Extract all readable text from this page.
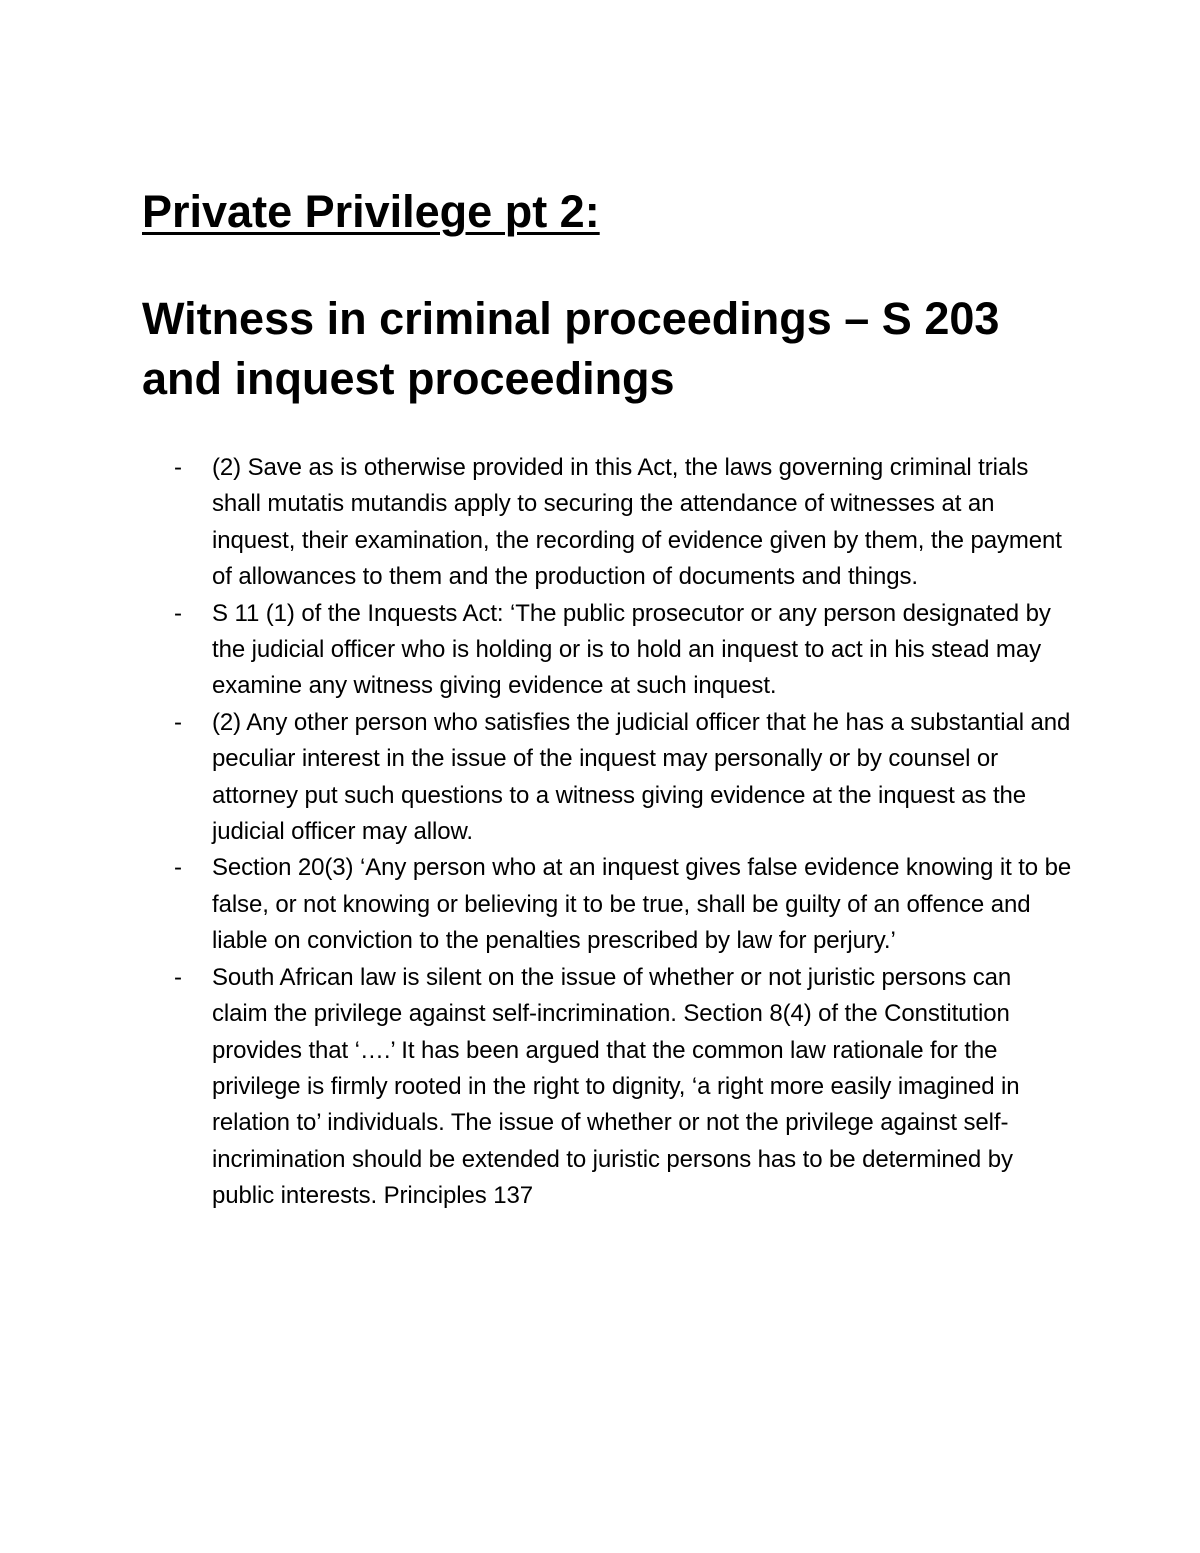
Private Privilege pt 2:
Witness in criminal proceedings – S 203 and inquest proceedings
- (2) Save as is otherwise provided in this Act, the laws governing criminal trials shall mutatis mutandis apply to securing the attendance of witnesses at an inquest, their examination, the recording of evidence given by them, the payment of allowances to them and the production of documents and things.
- S 11 (1) of the Inquests Act: ‘The public prosecutor or any person designated by the judicial officer who is holding or is to hold an inquest to act in his stead may examine any witness giving evidence at such inquest.
- (2) Any other person who satisfies the judicial officer that he has a substantial and peculiar interest in the issue of the inquest may personally or by counsel or attorney put such questions to a witness giving evidence at the inquest as the judicial officer may allow.
- Section 20(3) ‘Any person who at an inquest gives false evidence knowing it to be false, or not knowing or believing it to be true, shall be guilty of an offence and liable on conviction to the penalties prescribed by law for perjury.’
- South African law is silent on the issue of whether or not juristic persons can claim the privilege against self-incrimination. Section 8(4) of the Constitution provides that ‘….’ It has been argued that the common law rationale for the privilege is firmly rooted in the right to dignity, ‘a right more easily imagined in relation to’ individuals. The issue of whether or not the privilege against self-incrimination should be extended to juristic persons has to be determined by public interests. Principles 137
